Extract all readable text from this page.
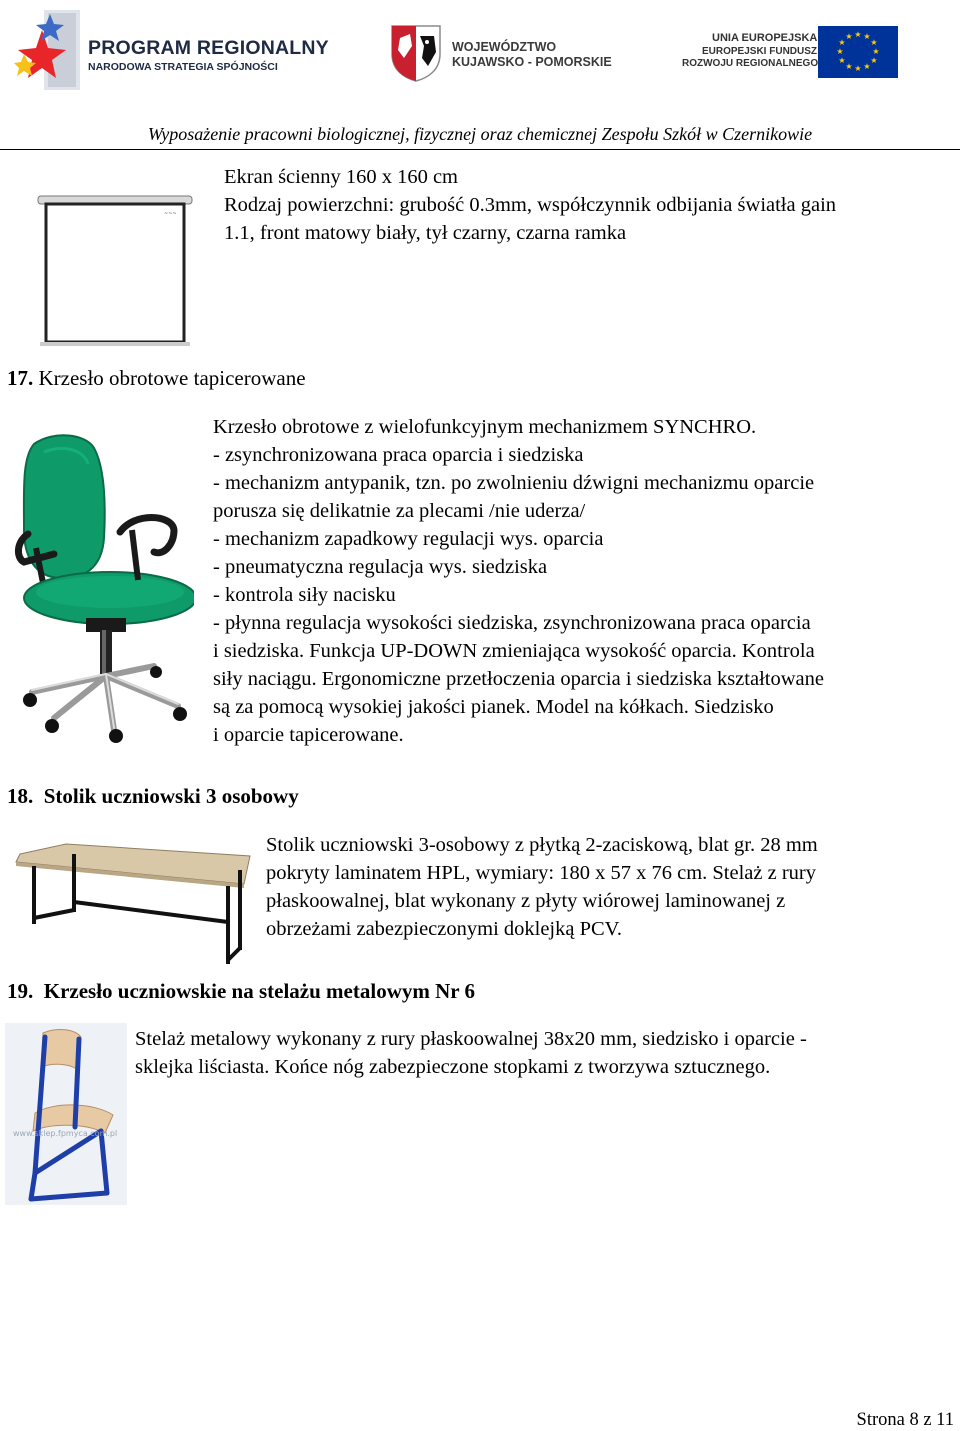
PROGRAM REGIONALNY
NARODOWA STRATEGIA SPÓJNOŚCI
WOJEWÓDZTWO
KUJAWSKO - POMORSKIE
UNIA EUROPEJSKA
EUROPEJSKI FUNDUSZ
ROZWOJU REGIONALNEGO
★ ★
★
★
★
★
★
★
★
★
★
★
Wyposażenie pracowni biologicznej, fizycznej oraz chemicznej Zespołu Szkół w Czernikowie
~~~
Ekran ścienny 160 x 160 cm
Rodzaj powierzchni: grubość 0.3mm, współczynnik odbijania światła gain
1.1, front matowy biały, tył czarny, czarna ramka
17. Krzesło obrotowe tapicerowane
Krzesło obrotowe z wielofunkcyjnym mechanizmem SYNCHRO.
- zsynchronizowana praca oparcia i siedziska
- mechanizm antypanik, tzn. po zwolnieniu dźwigni mechanizmu oparcie
porusza się delikatnie za plecami /nie uderza/
- mechanizm zapadkowy regulacji wys. oparcia
- pneumatyczna regulacja wys. siedziska
- kontrola siły nacisku
- płynna regulacja wysokości siedziska, zsynchronizowana praca oparcia
i siedziska. Funkcja UP-DOWN zmieniająca wysokość oparcia. Kontrola
siły naciągu. Ergonomiczne przetłoczenia oparcia i siedziska kształtowane
są za pomocą wysokiej jakości pianek. Model na kółkach. Siedzisko
i oparcie tapicerowane.
18. Stolik uczniowski 3 osobowy
Stolik uczniowski 3-osobowy z płytką 2-zaciskową, blat gr. 28 mm
pokryty laminatem HPL, wymiary: 180 x 57 x 76 cm. Stelaż z rury
płaskoowalnej, blat wykonany z płyty wiórowej laminowanej z
obrzeżami zabezpieczonymi doklejką PCV.
19. Krzesło uczniowskie na stelażu metalowym Nr 6
www.sklep.fpmyca.com.pl
Stelaż metalowy wykonany z rury płaskoowalnej 38x20 mm, siedzisko i oparcie -
sklejka liściasta. Końce nóg zabezpieczone stopkami z tworzywa sztucznego.
Strona 8 z 11
